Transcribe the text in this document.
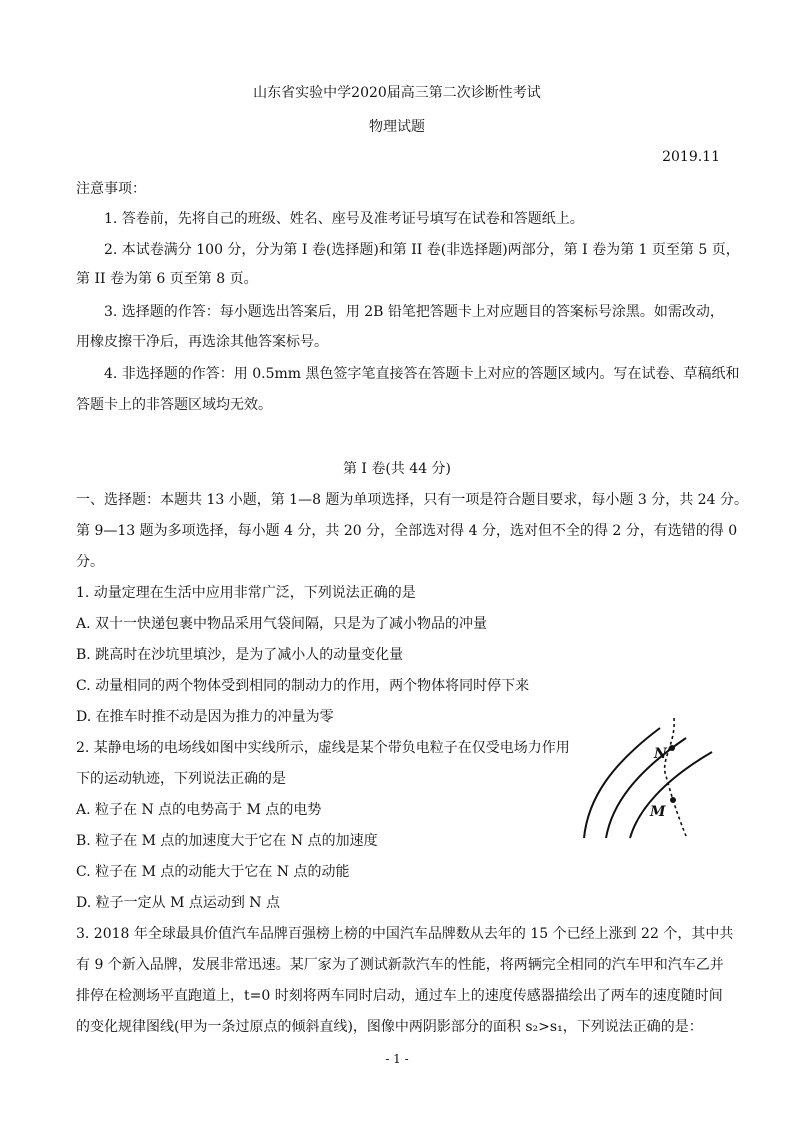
山东省实验中学2020届高三第二次诊断性考试
物理试题
2019.11
注意事项：
1. 答卷前，先将自己的班级、姓名、座号及准考证号填写在试卷和答题纸上。
2. 本试卷满分 100 分，分为第 I 卷(选择题)和第 II 卷(非选择题)两部分，第 I 卷为第 1 页至第 5 页，
第 II 卷为第 6 页至第 8 页。
3. 选择题的作答：每小题选出答案后，用 2B 铅笔把答题卡上对应题目的答案标号涂黑。如需改动，
用橡皮擦干净后，再选涂其他答案标号。
4. 非选择题的作答：用 0.5mm 黑色签字笔直接答在答题卡上对应的答题区域内。写在试卷、草稿纸和
答题卡上的非答题区域均无效。
第 I 卷(共 44 分)
一、选择题：本题共 13 小题，第 1—8 题为单项选择，只有一项是符合题目要求，每小题 3 分，共 24 分。
第 9—13 题为多项选择，每小题 4 分，共 20 分，全部选对得 4 分，选对但不全的得 2 分，有选错的得 0
分。
1. 动量定理在生活中应用非常广泛，下列说法正确的是
A. 双十一快递包裹中物品采用气袋间隔，只是为了减小物品的冲量
B. 跳高时在沙坑里填沙，是为了减小人的动量变化量
C. 动量相同的两个物体受到相同的制动力的作用，两个物体将同时停下来
D. 在推车时推不动是因为推力的冲量为零
2. 某静电场的电场线如图中实线所示，虚线是某个带负电粒子在仅受电场力作用
下的运动轨迹，下列说法正确的是
A. 粒子在 N 点的电势高于 M 点的电势
B. 粒子在 M 点的加速度大于它在 N 点的加速度
C. 粒子在 M 点的动能大于它在 N 点的动能
D. 粒子一定从 M 点运动到 N 点
N
M
3. 2018 年全球最具价值汽车品牌百强榜上榜的中国汽车品牌数从去年的 15 个已经上涨到 22 个，其中共
有 9 个新入品牌，发展非常迅速。某厂家为了测试新款汽车的性能，将两辆完全相同的汽车甲和汽车乙并
排停在检测场平直跑道上，t=0 时刻将两车同时启动，通过车上的速度传感器描绘出了两车的速度随时间
的变化规律图线(甲为一条过原点的倾斜直线)，图像中两阴影部分的面积 s₂>s₁，下列说法正确的是：
- 1 -
